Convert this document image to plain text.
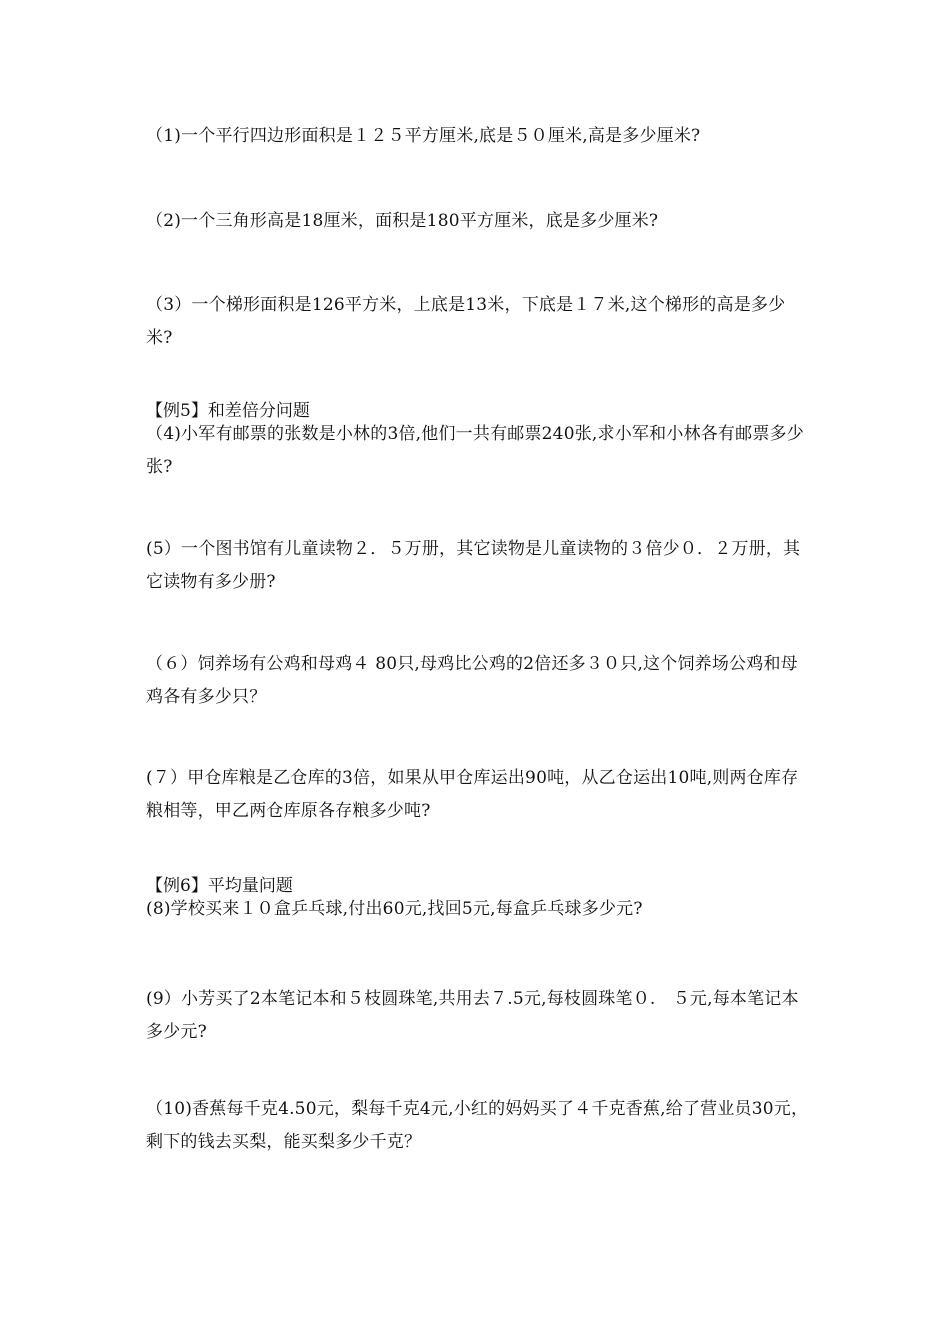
（1)一个平行四边形面积是１２５平方厘米,底是５０厘米,高是多少厘米?
（2)一个三角形高是18厘米，面积是180平方厘米，底是多少厘米?
（3）一个梯形面积是126平方米，上底是13米，下底是１７米,这个梯形的高是多少米?
【例5】和差倍分问题
（4)小军有邮票的张数是小林的3倍,他们一共有邮票240张,求小军和小林各有邮票多少张?
(5）一个图书馆有儿童读物２．５万册，其它读物是儿童读物的３倍少０．２万册，其它读物有多少册?
（６）饲养场有公鸡和母鸡４ 80只,母鸡比公鸡的2倍还多３０只,这个饲养场公鸡和母鸡各有多少只？
(７）甲仓库粮是乙仓库的3倍，如果从甲仓库运出90吨，从乙仓运出10吨,则两仓库存粮相等，甲乙两仓库原各存粮多少吨?
【例6】平均量问题
(8)学校买来１０盒乒乓球,付出60元,找回5元,每盒乒乓球多少元?
(9）小芳买了2本笔记本和５枝圆珠笔,共用去７.5元,每枝圆珠笔０.　５元,每本笔记本多少元?
（10)香蕉每千克4.50元，梨每千克4元,小红的妈妈买了４千克香蕉,给了营业员30元，剩下的钱去买梨，能买梨多少千克？
